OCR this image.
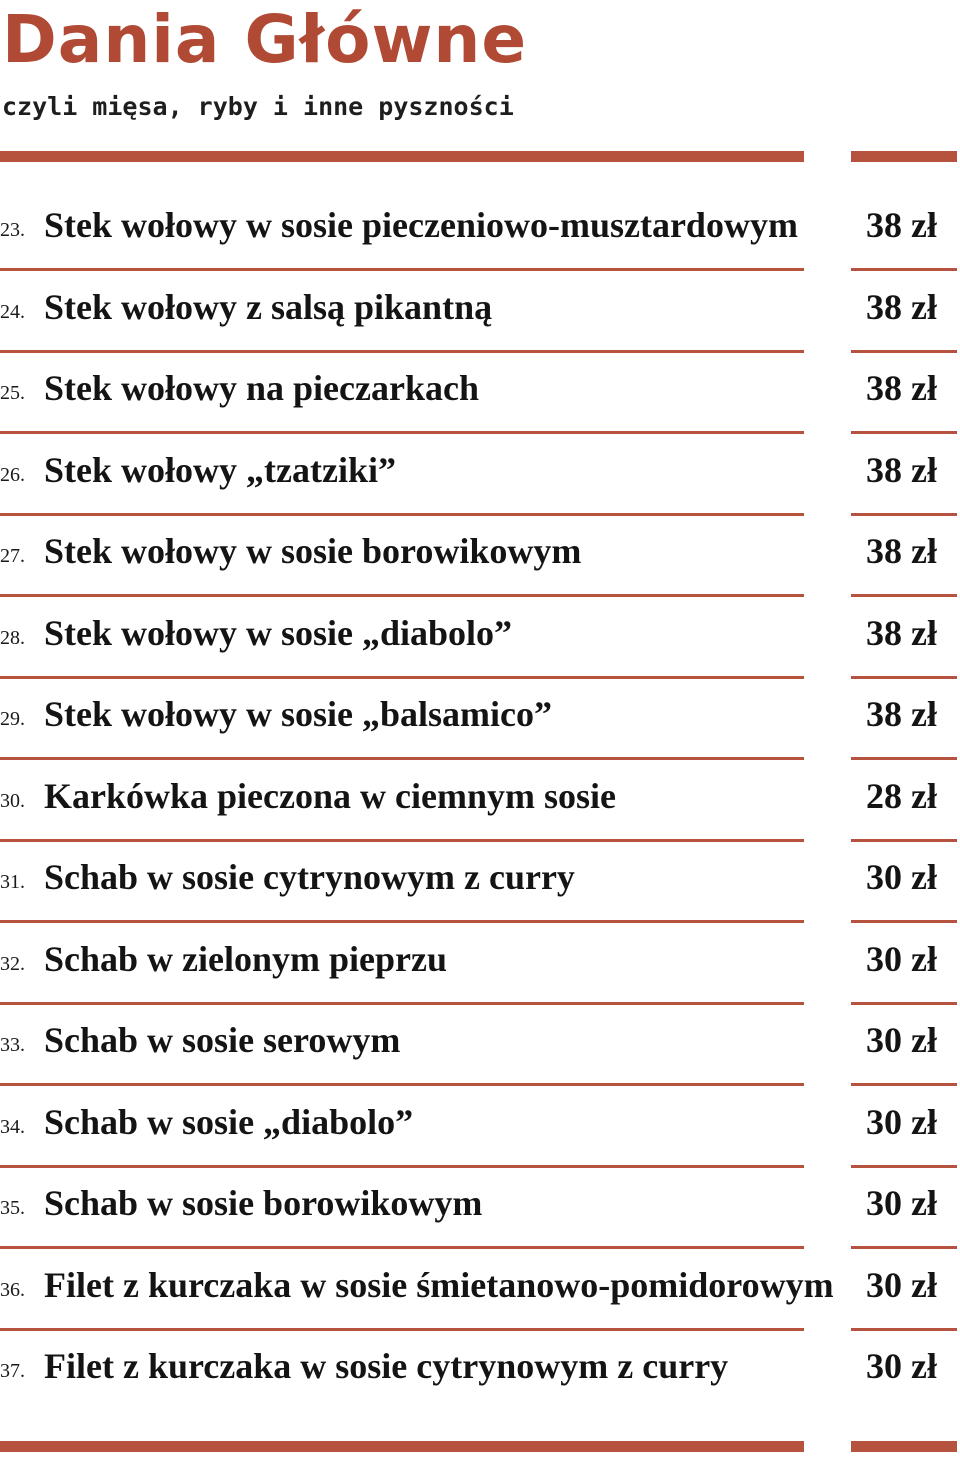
Dania Główne

czyli mięsa, ryby i inne pyszności

23. Stek wołowy w sosie pieczeniowo-musztardowym 38 zł
24. Stek wołowy z salsą pikantną	38 zł
25. Stek wołowy na pieczarkach	38 zł
26. Stek wołowy „tzatziki”	38 zł
27. Stek wołowy w sosie borowikowym	38 zł
28. Stek wołowy w sosie „diabolo”	38 zł
29. Stek wołowy w sosie „balsamico”	38 zł
30. Karkówka pieczona w ciemnym sosie	28 zł
31. Schab w sosie cytrynowym z curry	30 zł
32. Schab w zielonym pieprzu	30 zł
33. Schab w sosie serowym	30 zł
34. Schab w sosie „diabolo”	30 zł
35. Schab w sosie borowikowym	30 zł
36. Filet z kurczaka w sosie śmietanowo-pomidorowym 30 zł
37. Filet z kurczaka w sosie cytrynowym z curry	30 zł
